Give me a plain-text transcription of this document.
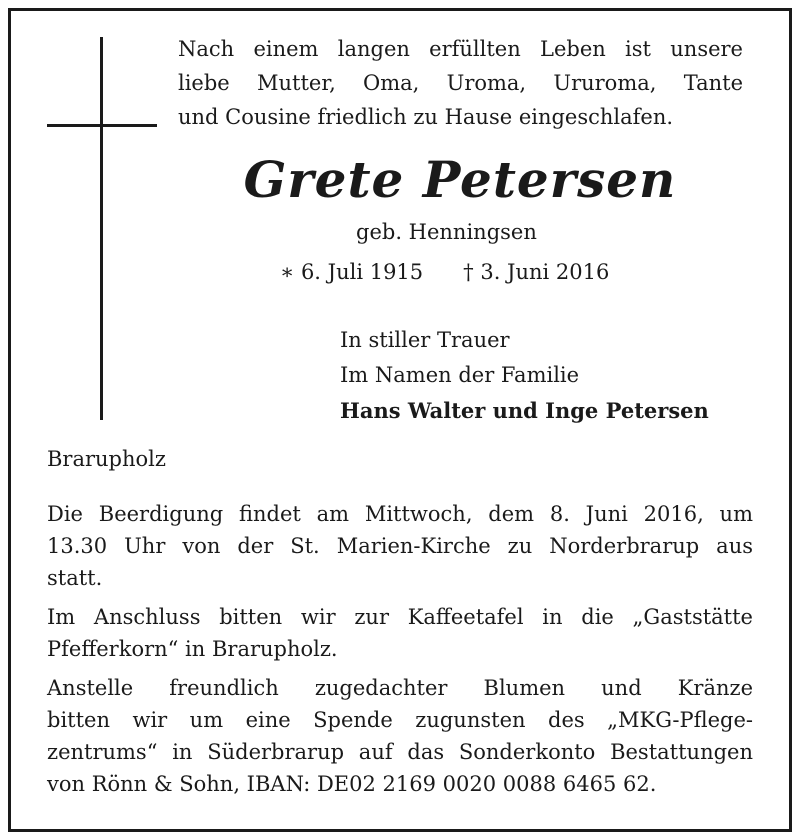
Nach einem langen erfüllten Leben ist unsere
liebe Mutter, Oma, Uroma, Ururoma, Tante
und Cousine friedlich zu Hause eingeschlafen.
Grete Petersen
geb. Henningsen
∗ 6. Juli 1915 † 3. Juni 2016
In stiller Trauer
Im Namen der Familie
Hans Walter und Inge Petersen
Brarupholz
Die Beerdigung findet am Mittwoch, dem 8. Juni 2016, um
13.30 Uhr von der St. Marien-Kirche zu Norderbrarup aus
statt.
Im Anschluss bitten wir zur Kaffeetafel in die „Gaststätte
Pfefferkorn“ in Brarupholz.
Anstelle freundlich zugedachter Blumen und Kränze
bitten wir um eine Spende zugunsten des „MKG-Pflege-
zentrums“ in Süderbrarup auf das Sonderkonto Bestattungen
von Rönn & Sohn, IBAN: DE02 2169 0020 0088 6465 62.
